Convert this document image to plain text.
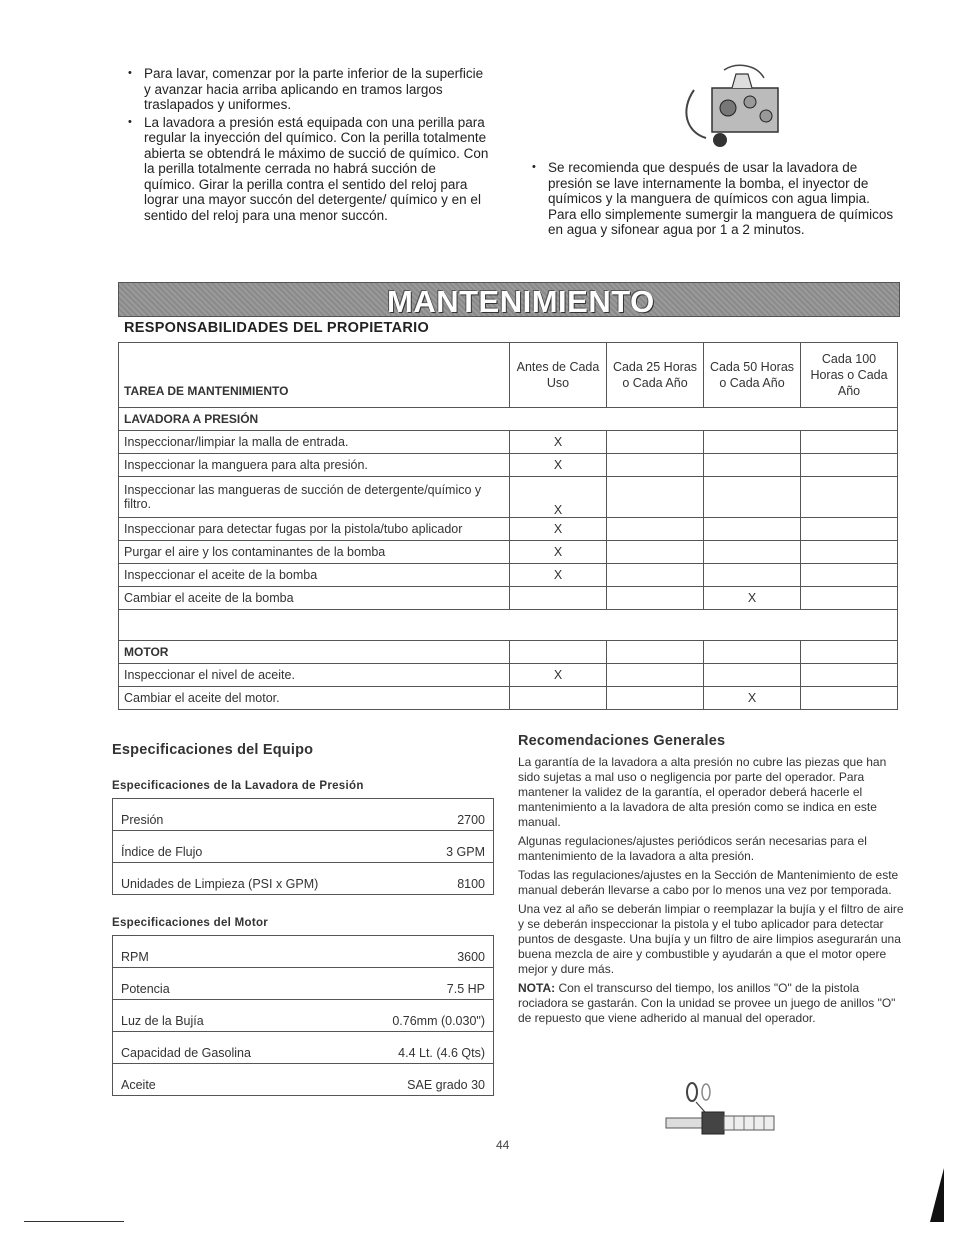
• Para lavar, comenzar por la parte inferior de la superficie y avanzar hacia arriba aplicando en tramos largos traslapados y uniformes.

• La lavadora a presión está equipada con una perilla para regular la inyección del químico. Con la perilla totalmente abierta se obtendrá le máximo de succió de químico. Con la perilla totalmente cerrada no habrá succión de químico. Girar la perilla contra el sentido del reloj para lograr una mayor succón del detergente/ químico y en el sentido del reloj para una menor succón.

• Se recomienda que después de usar la lavadora de presión se lave internamente la bomba, el inyector de químicos y la manguera de químicos con agua limpia. Para ello simplemente sumergir la manguera de químicos en agua y sifonear agua por 1 a 2 minutos.

MANTENIMIENTO
RESPONSABILIDADES DEL PROPIETARIO
TAREA DE MANTENIMIENTO	Antes de Cada Uso	Cada 25 Horas o Cada Año	Cada 50 Horas o Cada Año	Cada 100 Horas o Cada Año
LAVADORA A PRESIÓN				
Inspeccionar/limpiar la malla de entrada.	X			
Inspeccionar la manguera para alta presión.	X			
Inspeccionar las mangueras de succión de detergente/químico y filtro.	X			
Inspeccionar para detectar fugas por la pistola/tubo aplicador	X			
Purgar el aire y los contaminantes de la bomba	X			
Inspeccionar el aceite de la bomba	X			
Cambiar el aceite de la bomba			X	

MOTOR				
Inspeccionar el nivel de aceite.	X			
Cambiar el aceite del motor.			X	
Especificaciones del Equipo
Especificaciones de la Lavadora de Presión
Presión	2700
Índice de Flujo	3 GPM
Unidades de Limpieza (PSI x GPM)	8100
Especificaciones del Motor
RPM	3600
Potencia	7.5 HP
Luz de la Bujía	0.76mm (0.030")
Capacidad de Gasolina	4.4 Lt. (4.6 Qts)
Aceite	SAE grado 30
Recomendaciones Generales

La garantía de la lavadora a alta presión no cubre las piezas que han sido sujetas a mal uso o negligencia por parte del operador. Para mantener la validez de la garantía, el operador deberá hacerle el mantenimiento a la lavadora de alta presión como se indica en este manual.

Algunas regulaciones/ajustes periódicos serán necesarias para el mantenimiento de la lavadora a alta presión.

Todas las regulaciones/ajustes en la Sección de Mantenimiento de este manual deberán llevarse a cabo por lo menos una vez por temporada.

Una vez al año se deberán limpiar o reemplazar la bujía y el filtro de aire y se deberán inspeccionar la pistola y el tubo aplicador para detectar puntos de desgaste. Una bujía y un filtro de aire limpios asegurarán una buena mezcla de aire y combustible y ayudarán a que el motor opere mejor y dure más.

NOTA: Con el transcurso del tiempo, los anillos "O" de la pistola rociadora se gastarán. Con la unidad se provee un juego de anillos "O" de repuesto que viene adherido al manual del operador.

44
